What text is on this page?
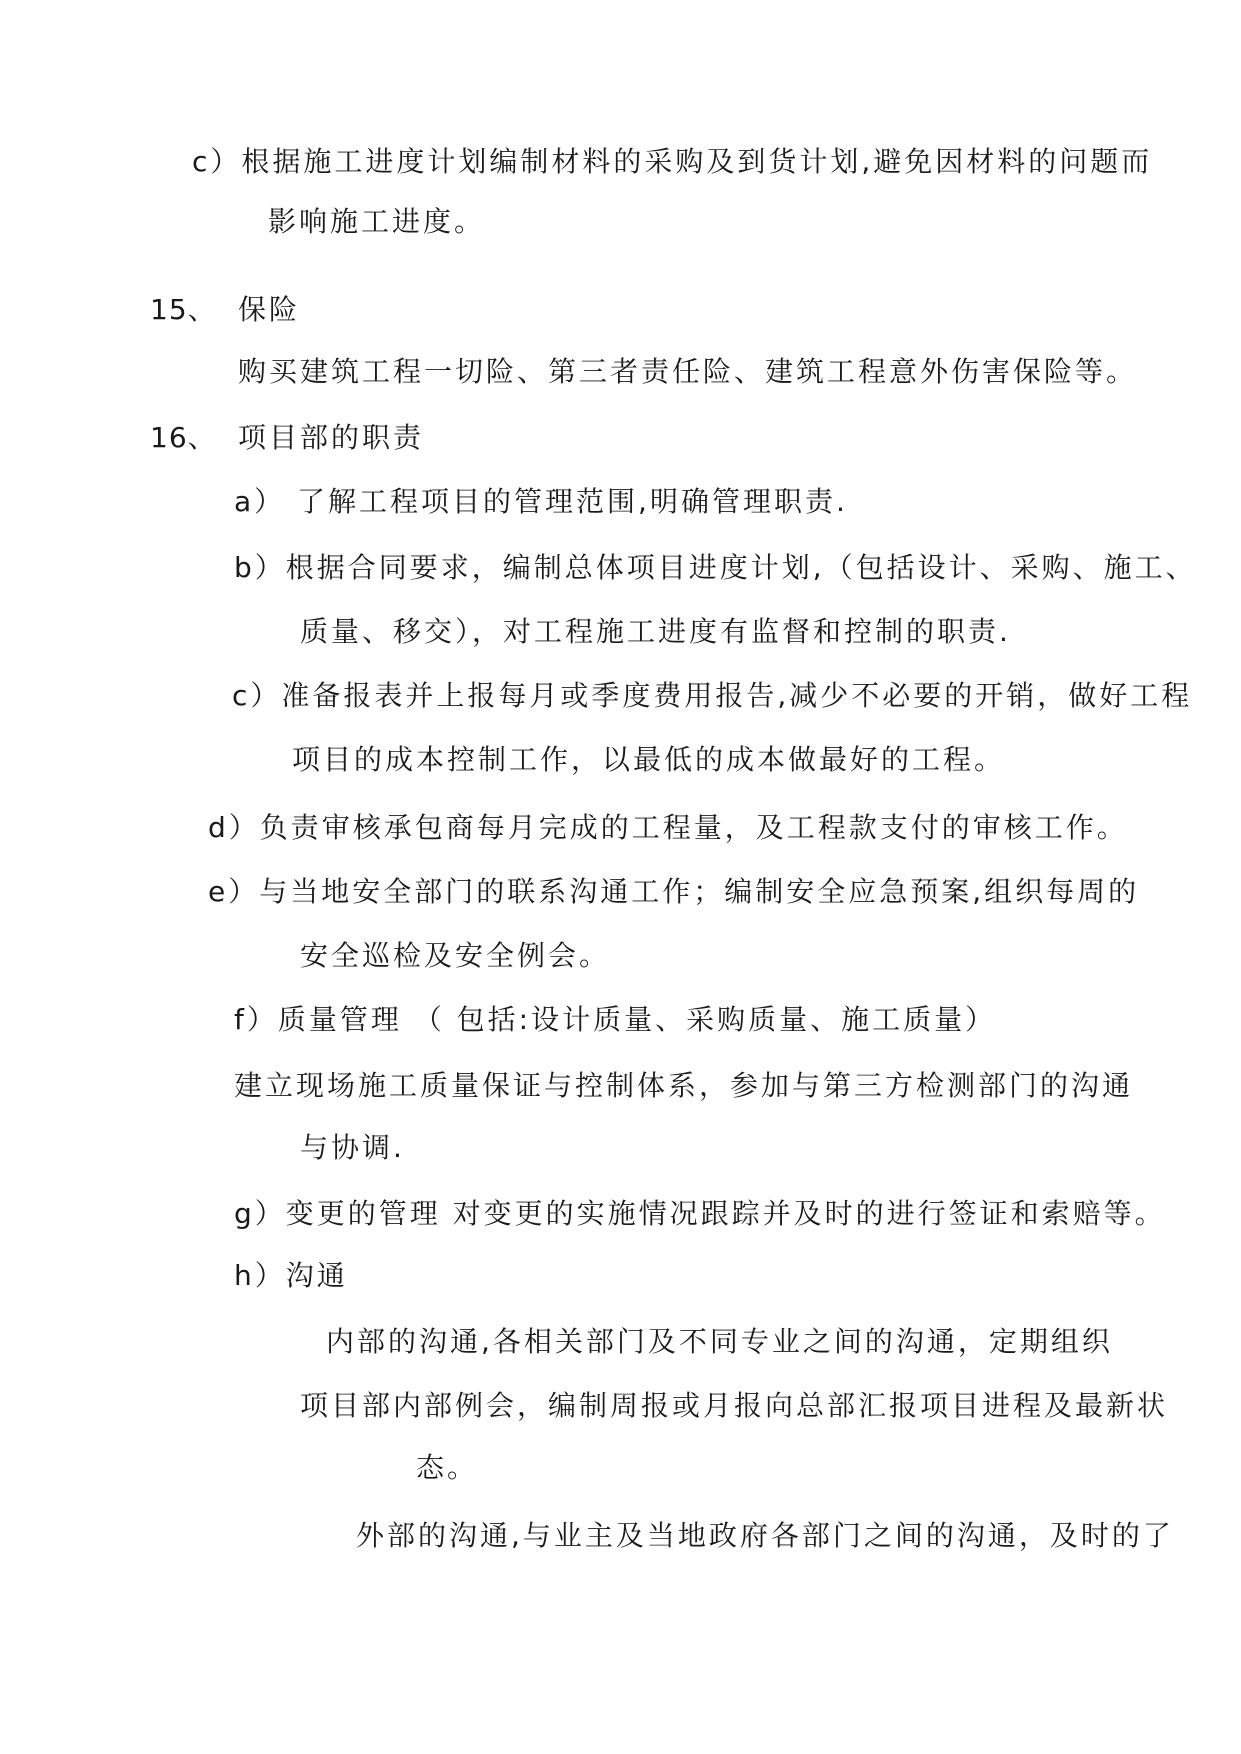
c）根据施工进度计划编制材料的采购及到货计划,避免因材料的问题而
影响施工进度。
15、 保险
购买建筑工程一切险、第三者责任险、建筑工程意外伤害保险等。
16、 项目部的职责
a） 了解工程项目的管理范围,明确管理职责.
b）根据合同要求，编制总体项目进度计划,（包括设计、采购、施工、
质量、移交），对工程施工进度有监督和控制的职责.
c）准备报表并上报每月或季度费用报告,减少不必要的开销，做好工程
项目的成本控制工作，以最低的成本做最好的工程。
d）负责审核承包商每月完成的工程量，及工程款支付的审核工作。
e）与当地安全部门的联系沟通工作；编制安全应急预案,组织每周的
安全巡检及安全例会。
f）质量管理 （ 包括:设计质量、采购质量、施工质量）
建立现场施工质量保证与控制体系，参加与第三方检测部门的沟通
与协调.
g）变更的管理 对变更的实施情况跟踪并及时的进行签证和索赔等。
h）沟通
内部的沟通,各相关部门及不同专业之间的沟通，定期组织
项目部内部例会，编制周报或月报向总部汇报项目进程及最新状
态。
外部的沟通,与业主及当地政府各部门之间的沟通，及时的了
